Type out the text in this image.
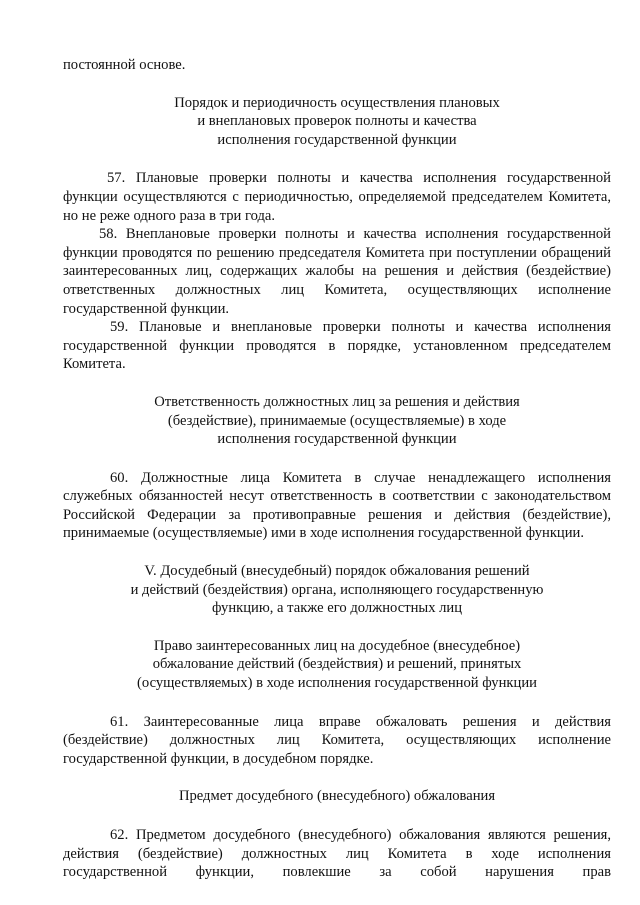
постоянной основе.

Порядок и периодичность осуществления плановых
и внеплановых проверок полноты и качества
исполнения государственной функции

57. Плановые проверки полноты и качества исполнения государственной функции осуществляются с периодичностью, определяемой председателем Комитета, но не реже одного раза в три года.

58. Внеплановые проверки полноты и качества исполнения государственной функции проводятся по решению председателя Комитета при поступлении обращений заинтересованных лиц, содержащих жалобы на решения и действия (бездействие) ответственных должностных лиц Комитета, осуществляющих исполнение государственной функции.

59. Плановые и внеплановые проверки полноты и качества исполнения государственной функции проводятся в порядке, установленном председателем Комитета.

Ответственность должностных лиц за решения и действия
(бездействие), принимаемые (осуществляемые) в ходе
исполнения государственной функции

60. Должностные лица Комитета в случае ненадлежащего исполнения служебных обязанностей несут ответственность в соответствии с законодательством Российской Федерации за противоправные решения и действия (бездействие), принимаемые (осуществляемые) ими в ходе исполнения государственной функции.

V. Досудебный (внесудебный) порядок обжалования решений
и действий (бездействия) органа, исполняющего государственную
функцию, а также его должностных лиц
Право заинтересованных лиц на досудебное (внесудебное)
обжалование действий (бездействия) и решений, принятых
(осуществляемых) в ходе исполнения государственной функции

61. Заинтересованные лица вправе обжаловать решения и действия (бездействие) должностных лиц Комитета, осуществляющих исполнение государственной функции, в досудебном порядке.

Предмет досудебного (внесудебного) обжалования

62. Предметом досудебного (внесудебного) обжалования являются решения, действия (бездействие) должностных лиц Комитета в ходе исполнения государственной функции, повлекшие за собой нарушения прав
